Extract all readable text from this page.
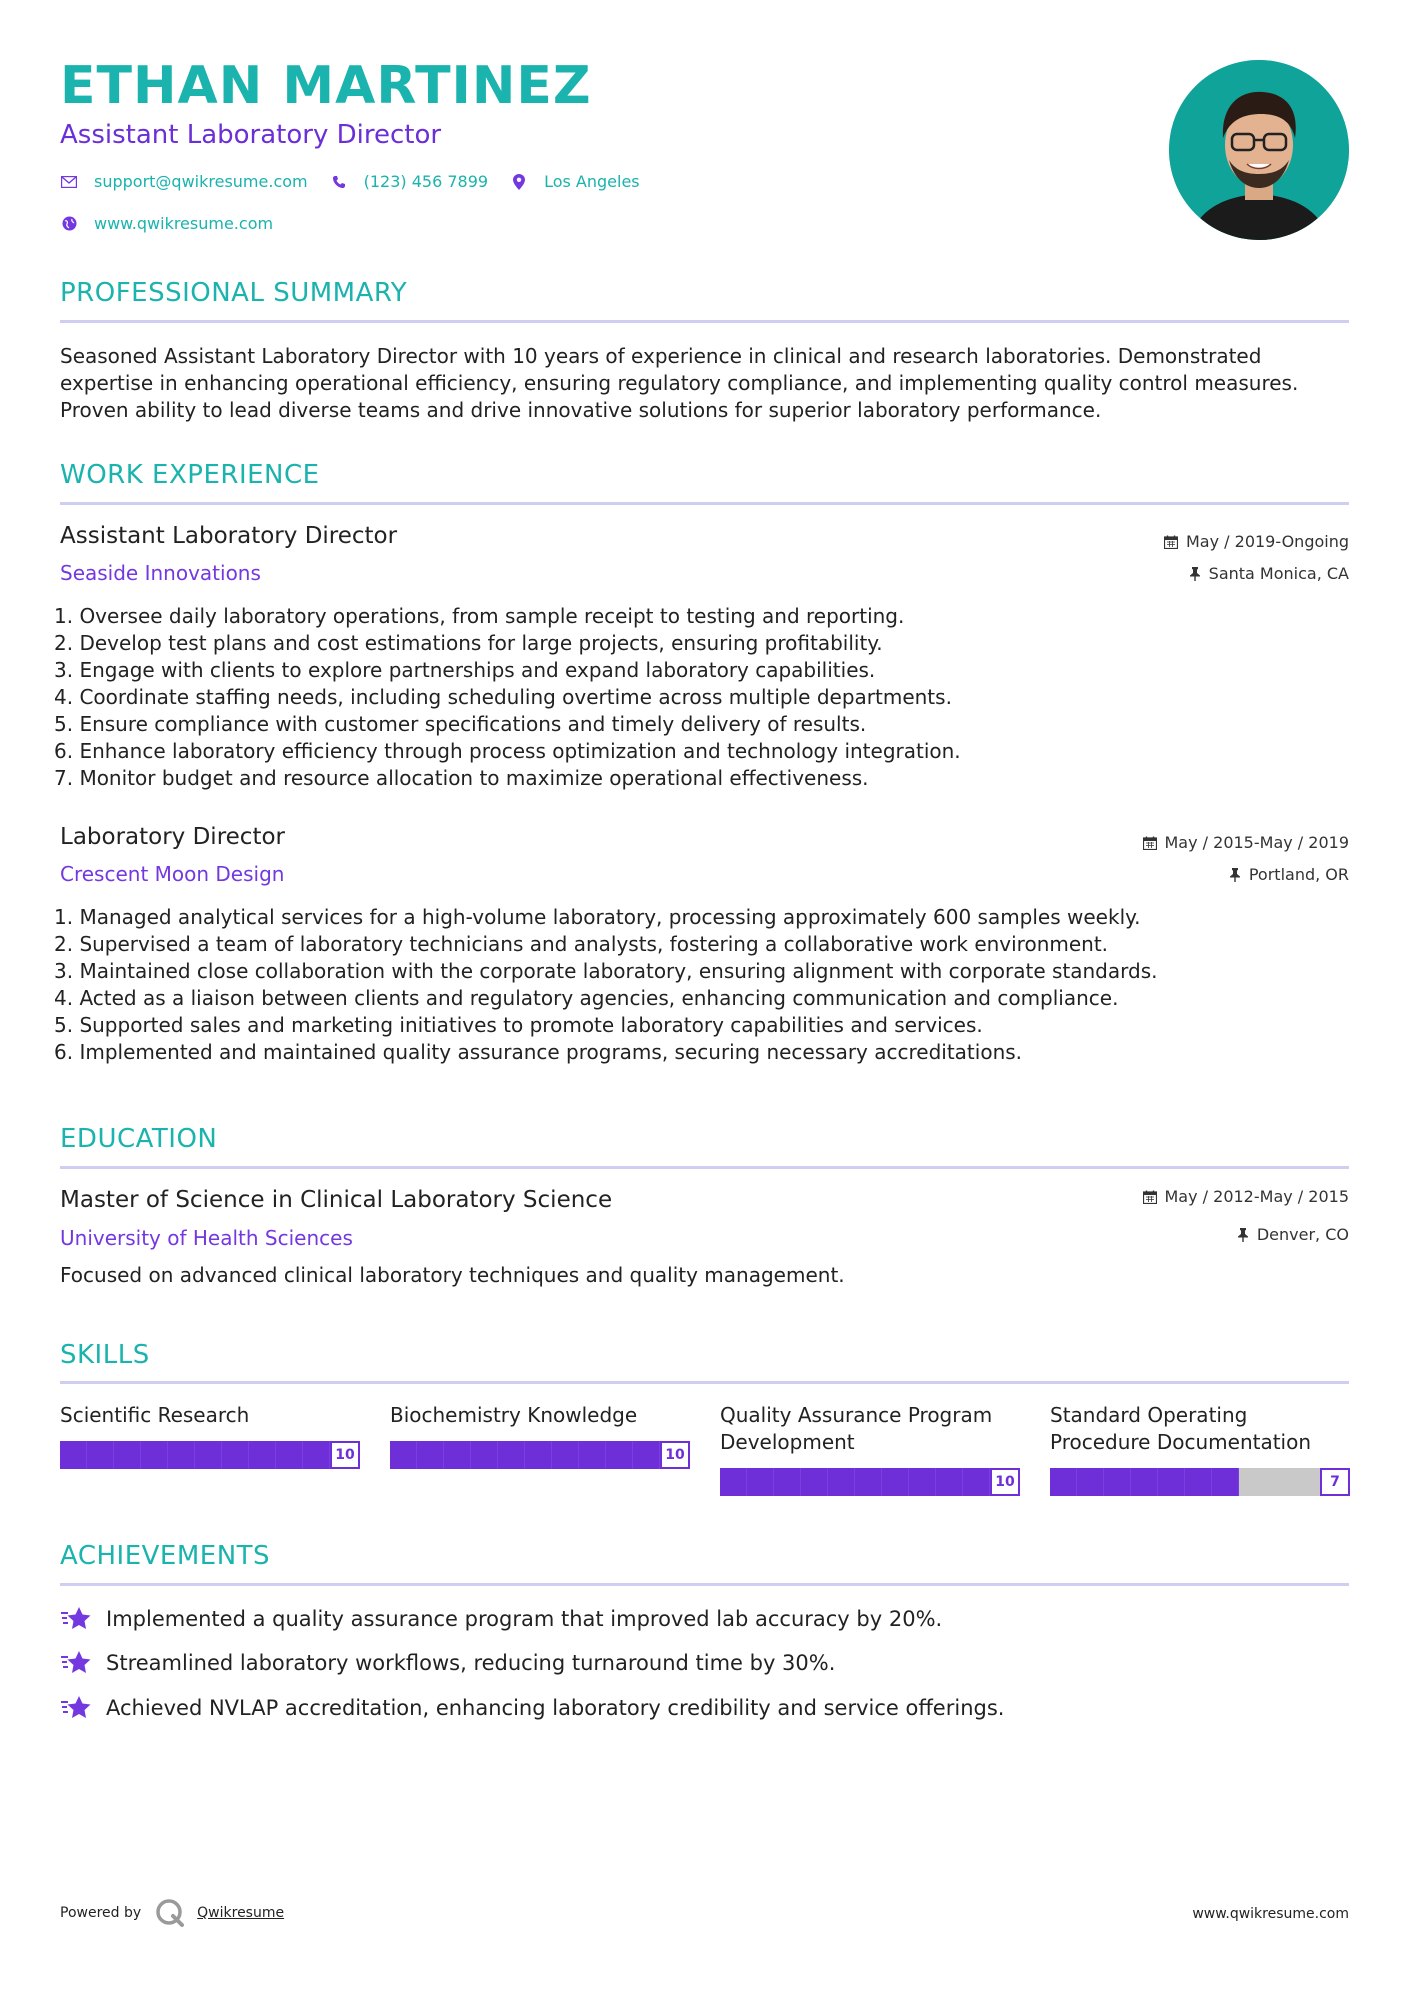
ETHAN MARTINEZ
Assistant Laboratory Director
support@qwikresume.com	(123) 456 7899	Los Angeles
www.qwikresume.com
PROFESSIONAL SUMMARY
Seasoned Assistant Laboratory Director with 10 years of experience in clinical and research laboratories. Demonstrated expertise in enhancing operational efficiency, ensuring regulatory compliance, and implementing quality control measures. Proven ability to lead diverse teams and drive innovative solutions for superior laboratory performance.
WORK EXPERIENCE
Assistant Laboratory Director
Seaside Innovations
May / 2019-Ongoing
Santa Monica, CA
1. Oversee daily laboratory operations, from sample receipt to testing and reporting.
2. Develop test plans and cost estimations for large projects, ensuring profitability.
3. Engage with clients to explore partnerships and expand laboratory capabilities.
4. Coordinate staffing needs, including scheduling overtime across multiple departments.
5. Ensure compliance with customer specifications and timely delivery of results.
6. Enhance laboratory efficiency through process optimization and technology integration.
7. Monitor budget and resource allocation to maximize operational effectiveness.
Laboratory Director
Crescent Moon Design
May / 2015-May / 2019
Portland, OR
1. Managed analytical services for a high-volume laboratory, processing approximately 600 samples weekly.
2. Supervised a team of laboratory technicians and analysts, fostering a collaborative work environment.
3. Maintained close collaboration with the corporate laboratory, ensuring alignment with corporate standards.
4. Acted as a liaison between clients and regulatory agencies, enhancing communication and compliance.
5. Supported sales and marketing initiatives to promote laboratory capabilities and services.
6. Implemented and maintained quality assurance programs, securing necessary accreditations.
EDUCATION
Master of Science in Clinical Laboratory Science
University of Health Sciences
May / 2012-May / 2015
Denver, CO
Focused on advanced clinical laboratory techniques and quality management.
SKILLS
Scientific Research
10
Biochemistry Knowledge
10
Quality Assurance Program Development
10
Standard Operating Procedure Documentation
7
ACHIEVEMENTS
Implemented a quality assurance program that improved lab accuracy by 20%.
Streamlined laboratory workflows, reducing turnaround time by 30%.
Achieved NVLAP accreditation, enhancing laboratory credibility and service offerings.
Powered by	Qwikresume	www.qwikresume.com
